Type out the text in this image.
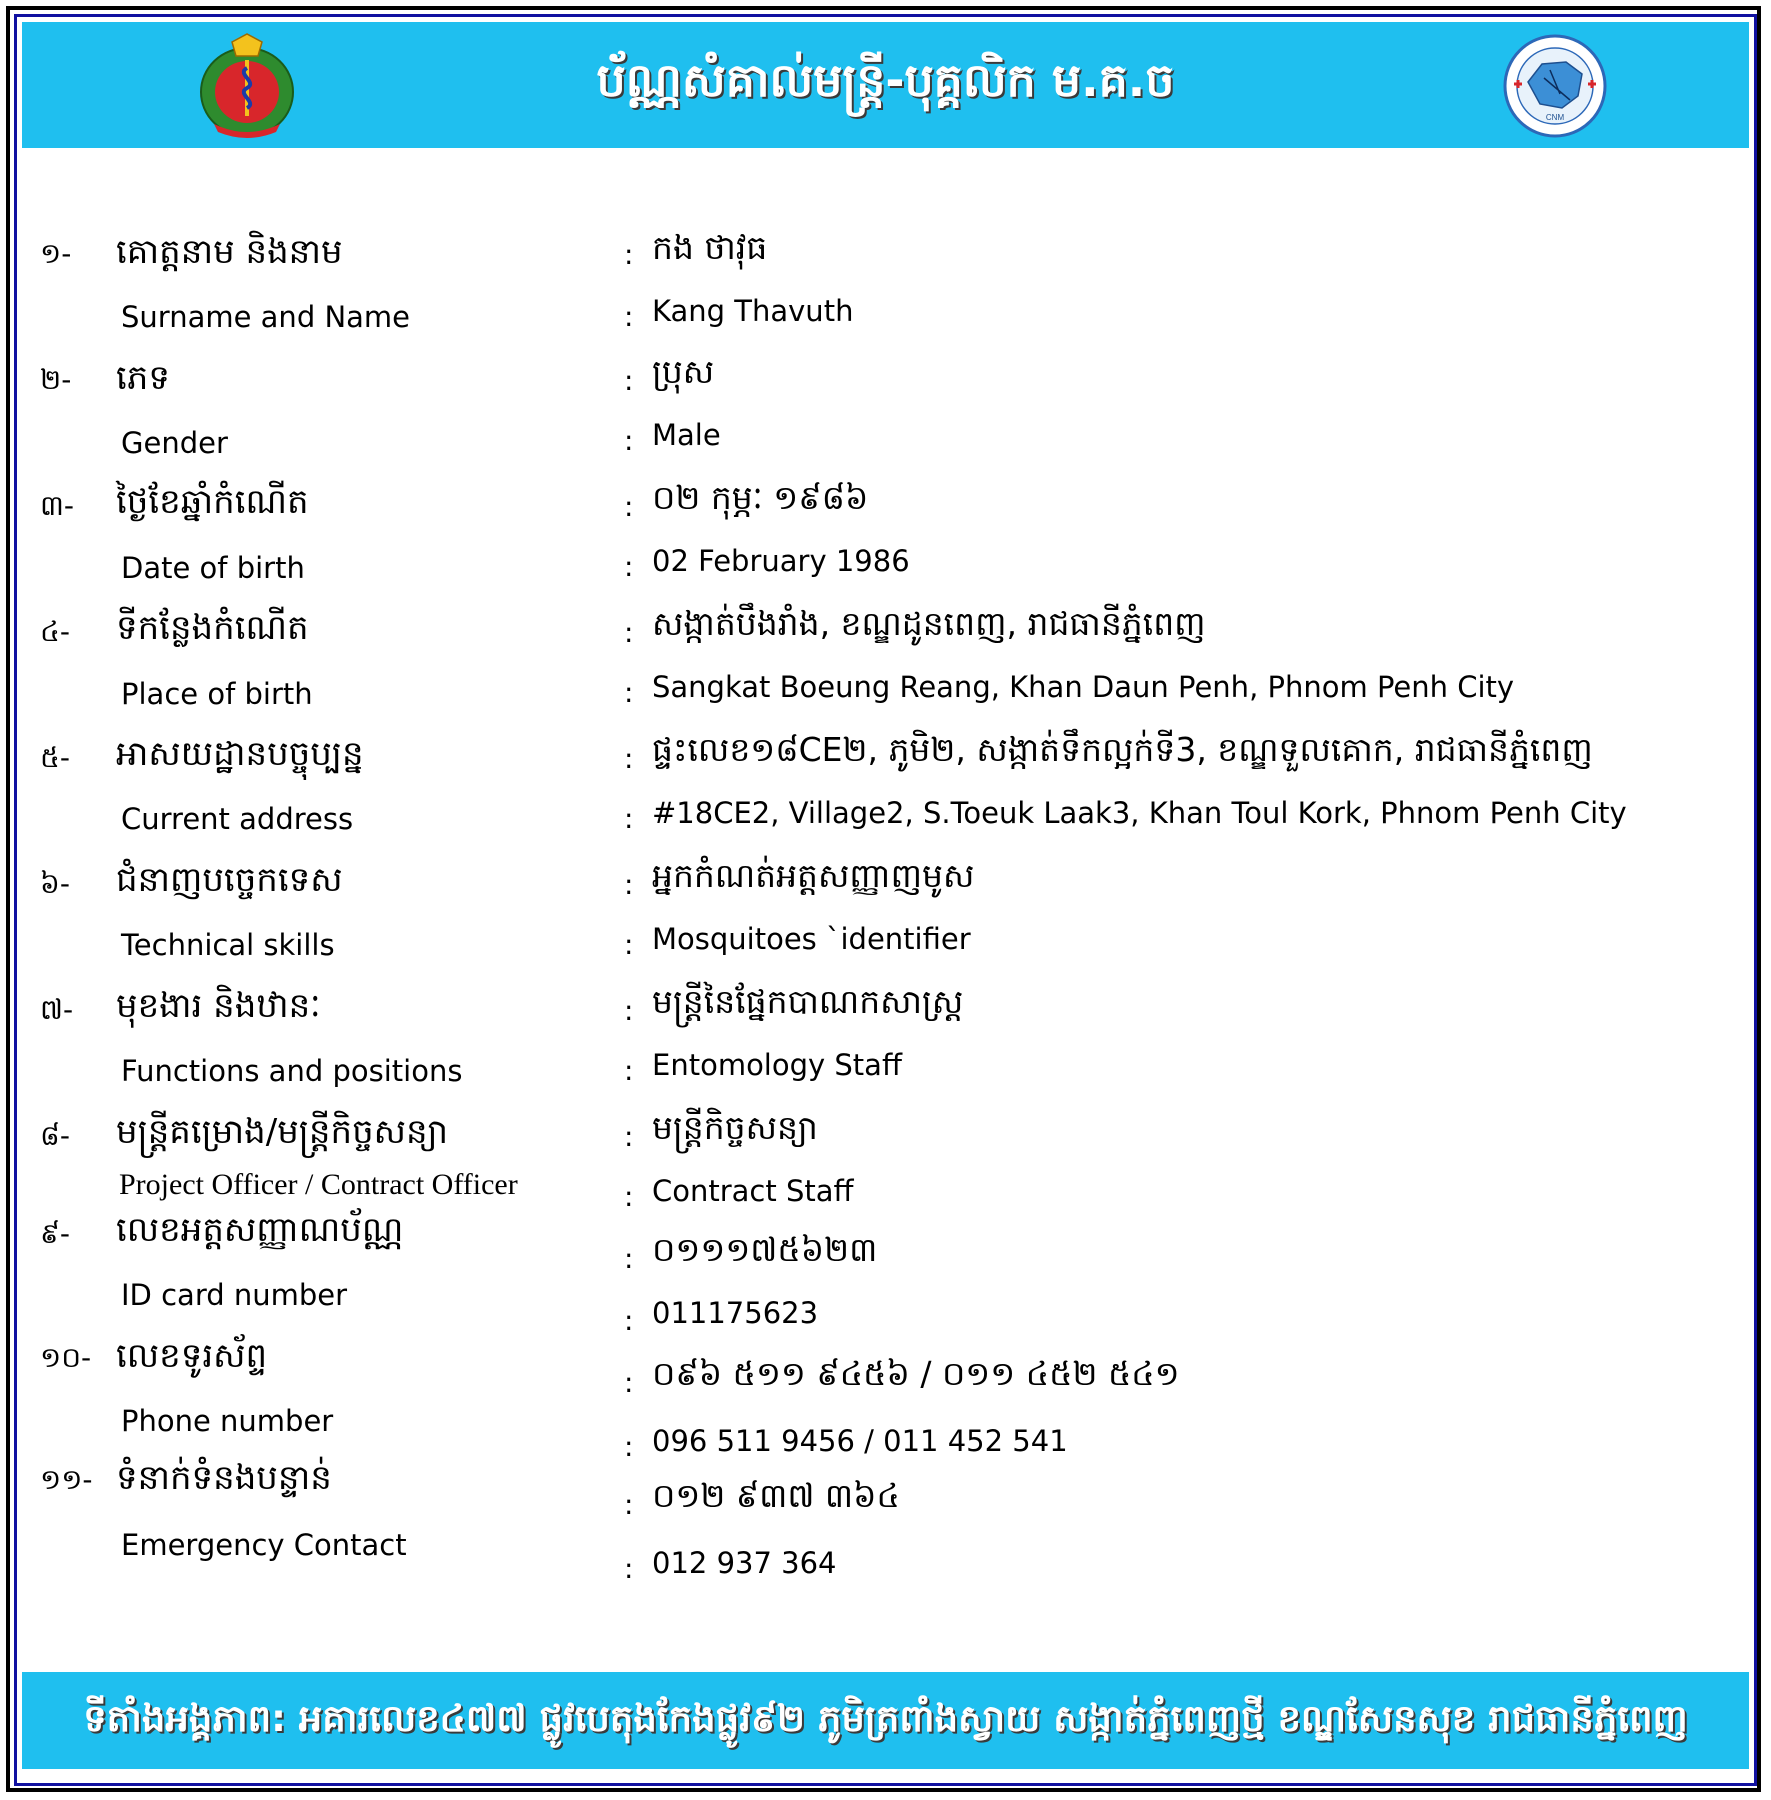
ប័ណ្ណសំគាល់មន្ត្រី-បុគ្គលិក ម.គ.ច
CNM
១- គោត្តនាម និងនាម
Surname and Name
: កង ថាវុធ
: Kang Thavuth
២- ភេទ
Gender
: ប្រុស
: Male
៣- ថ្ងៃខែឆ្នាំកំណើត
Date of birth
: ០២ កុម្ភៈ ១៩៨៦
: 02 February 1986
៤- ទីកន្លែងកំណើត
Place of birth
: សង្កាត់បឹងរាំង, ខណ្ឌដូនពេញ, រាជធានីភ្នំពេញ
: Sangkat Boeung Reang, Khan Daun Penh, Phnom Penh City
៥- អាសយដ្ឋានបច្ចុប្បន្ន
Current address
: ផ្ទះលេខ១៨CE២, ភូមិ២, សង្កាត់ទឹកល្អក់ទី3, ខណ្ឌទួលគោក, រាជធានីភ្នំពេញ
: #18CE2, Village2, S.Toeuk Laak3, Khan Toul Kork, Phnom Penh City
៦- ជំនាញបច្ចេកទេស
Technical skills
: អ្នកកំណត់អត្តសញ្ញាញមូស
: Mosquitoes `identifier
៧- មុខងារ និងឋានៈ
Functions and positions
: មន្ត្រីនៃផ្នែកបាណកសាស្ត្រ
: Entomology Staff
៨- មន្ត្រីគម្រោង/មន្ត្រីកិច្ចសន្យា
Project Officer / Contract Officer
: មន្ត្រីកិច្ចសន្យា
: Contract Staff
៩- លេខអត្តសញ្ញាណប័ណ្ណ
ID card number
: ០១១១៧៥៦២៣
: 011175623
១០- លេខទូរស័ព្ទ
Phone number
: ០៩៦ ៥១១ ៩៤៥៦ / ០១១ ៤៥២ ៥៤១
: 096 511 9456 / 011 452 541
១១- ទំនាក់ទំនងបន្ទាន់
Emergency Contact
: ០១២ ៩៣៧ ៣៦៤
: 012 937 364
ទីតាំងអង្គភាព: អគារលេខ៤៧៧ ផ្លូវបេតុងកែងផ្លូវ៩២ ភូមិត្រពាំងស្វាយ សង្កាត់ភ្នំពេញថ្មី ខណ្ឌសែនសុខ រាជធានីភ្នំពេញ
